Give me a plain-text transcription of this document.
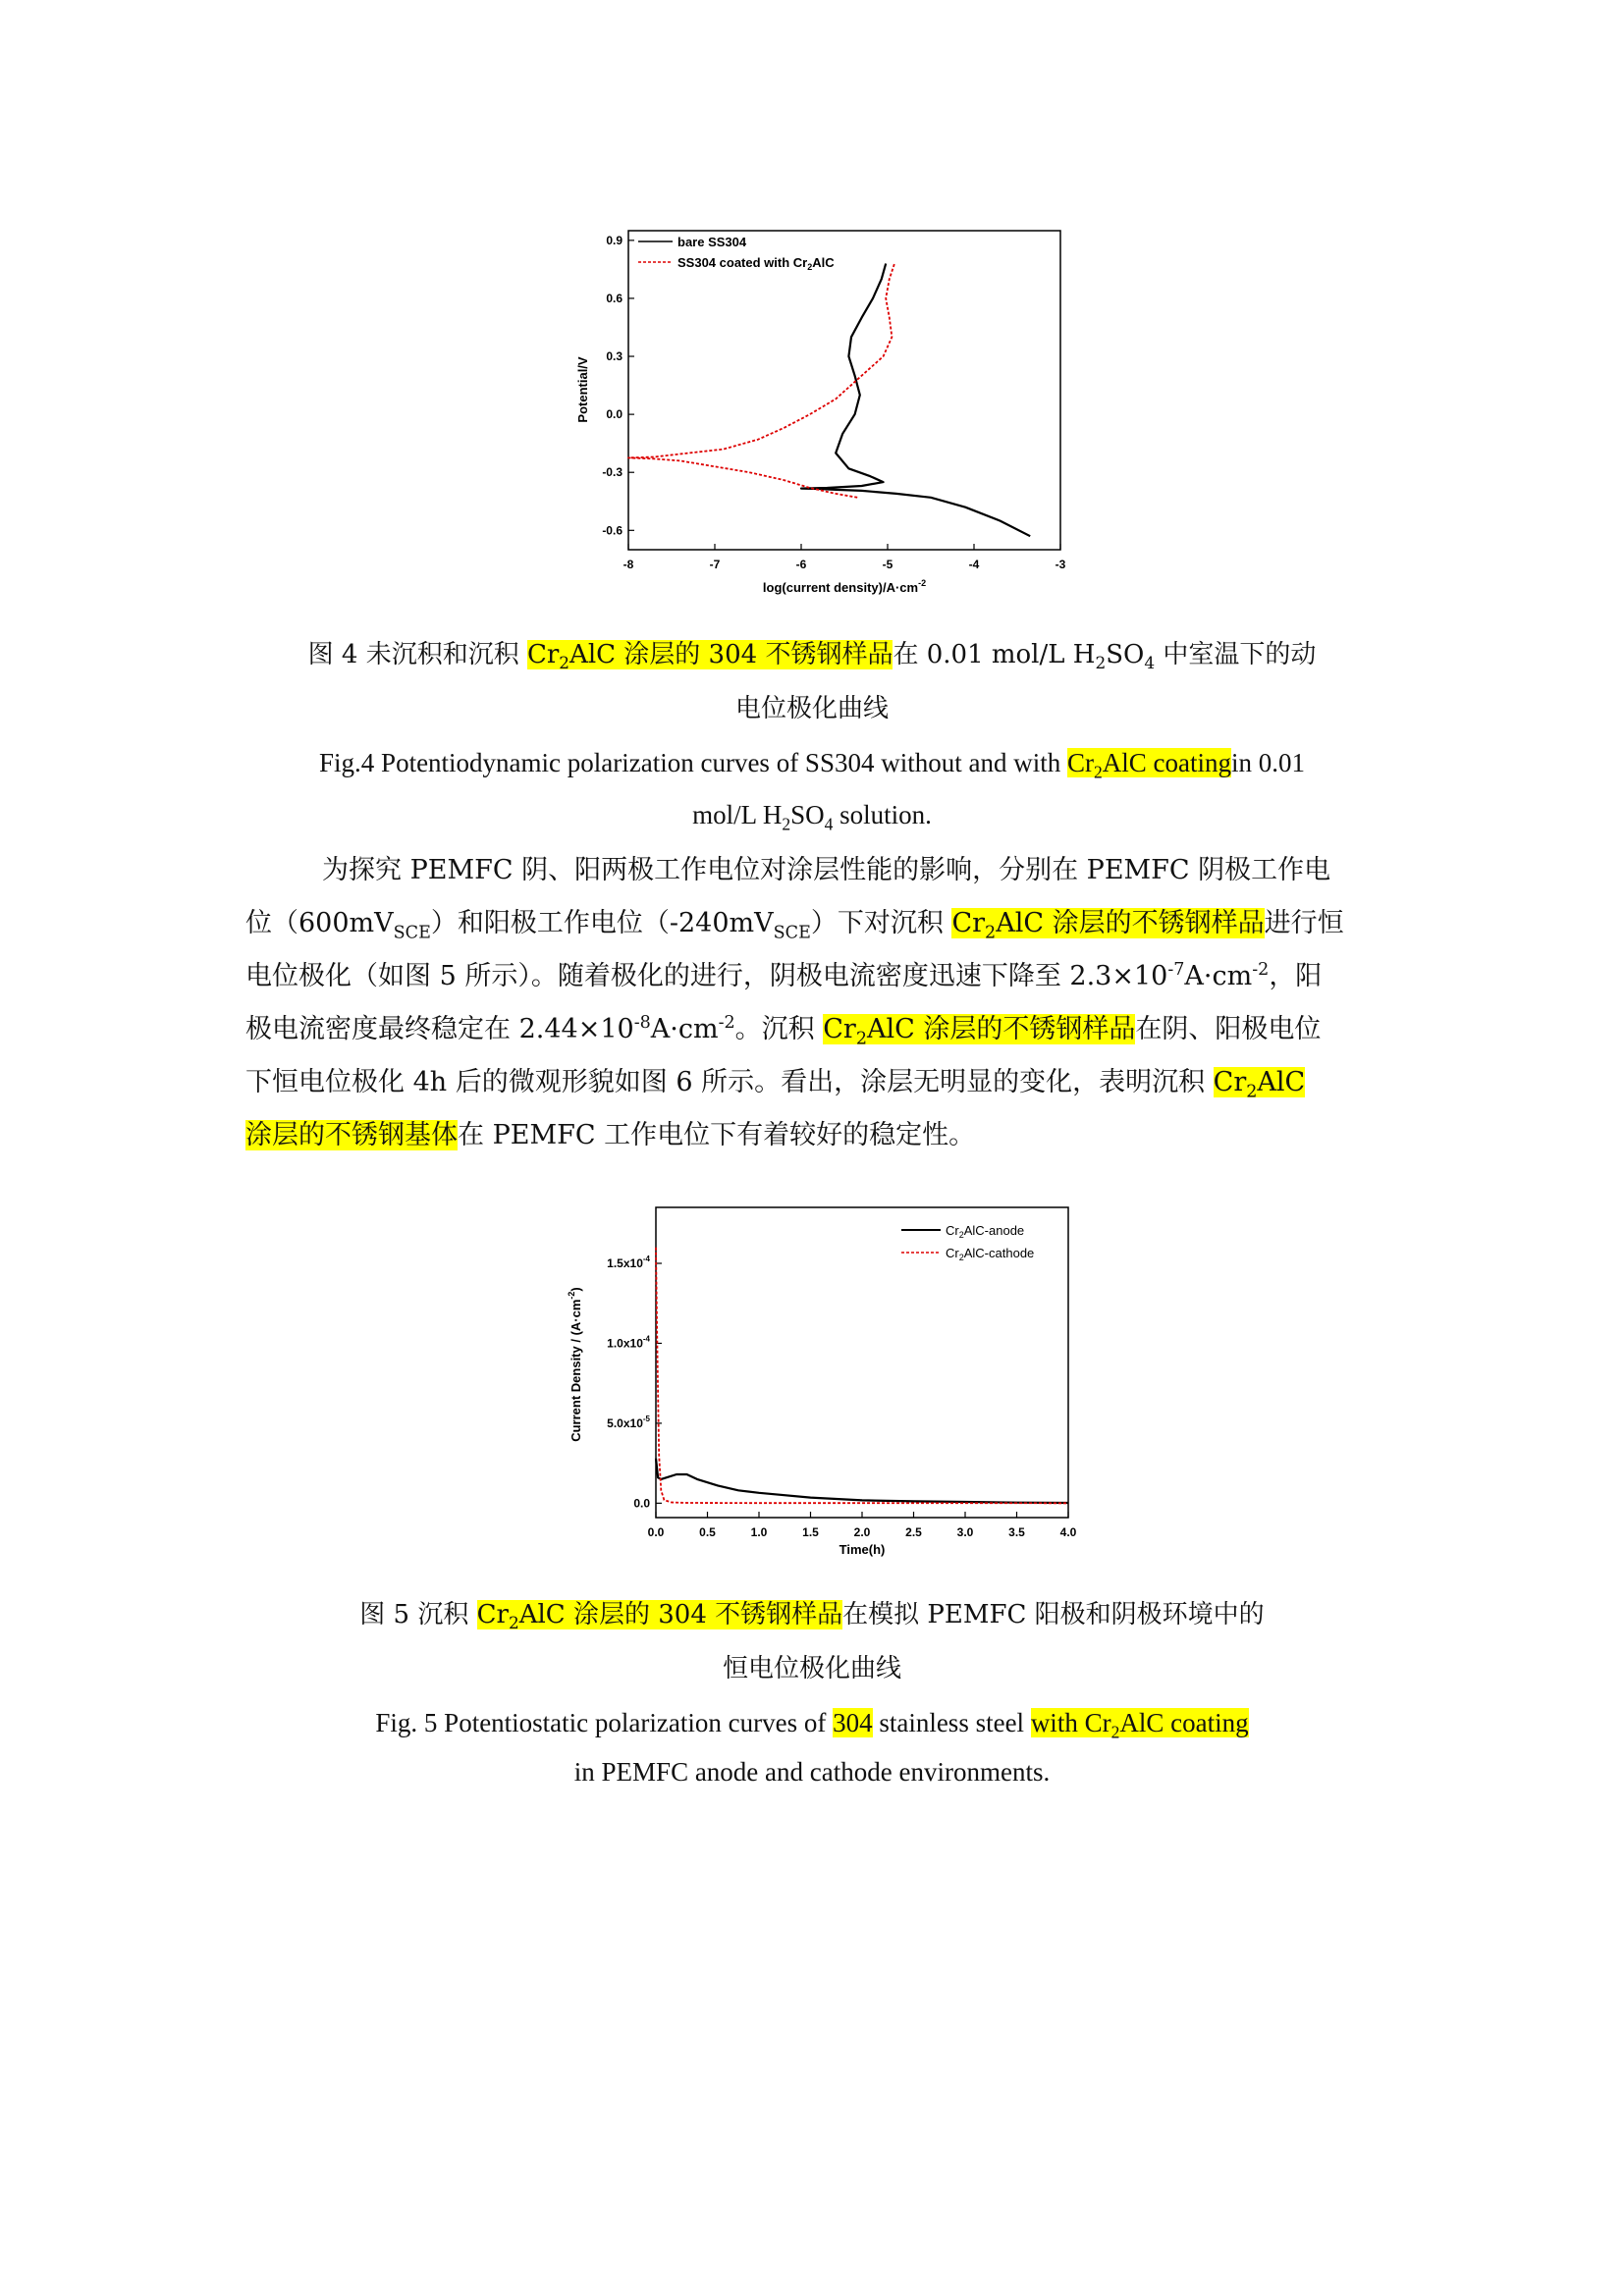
-8	-7	-6	-5	-4	-3
0.9
0.6
0.3
0.0
-0.3
-0.6
bare SS304
SS304 coated with $Cr_2AlC$
log(current $density)/A\cdot cm^{-2}$
Potential/V
图 4 未沉积和沉积 $Cr_2AlC$ 涂层的 304 不锈钢样品在 0.01 mol/L $H_2SO_4$ 中室温下的动
电位极化曲线
Fig.4 Potentiodynamic polarization curves of SS304 without and with $Cr_2AlC$ coatingin 0.01
mol/L $H_2SO_4$ solution.
为探究 PEMFC 阴、阳两极工作电位对涂层性能的影响，分别在 PEMFC 阴极工作电
位$(600mV_{SCE})$和阳极工作电位$(-240mV_{SCE})$下对沉积 $Cr_2AlC$ 涂层的不锈钢样品进行恒
电位极化（如图 5 所示）。随着极化的进行，阴极电流密度迅速下降至 $2.3\times 10^{-7}A\cdot cm^{-2}$，阳
极电流密度最终稳定在 $2.44\times 10^{-8}A\cdot cm^{-2}$。沉积 $Cr_2AlC$ 涂层的不锈钢样品在阴、阳极电位
下恒电位极化 4h 后的微观形貌如图 6 所示。看出，涂层无明显的变化，表明沉积 $Cr_2AlC$
涂层的不锈钢基体在 PEMFC 工作电位下有着较好的稳定性。
0.0	0.5	1.0	1.5	2.0	2.5	3.0	3.5	4.0
0.0
$5.0x10^{-5}$
$1.0x10^{-4}$
$1.5x10^{-4}$
$Cr_2AlC$-anode
$Cr_2AlC$-cathode
Time(h)
Current Density / $(A\cdot cm^{-2})$
图 5 沉积 $Cr_2AlC$ 涂层的 304 不锈钢样品在模拟 PEMFC 阳极和阴极环境中的
恒电位极化曲线
Fig. 5 Potentiostatic polarization curves of 304 stainless steel with $Cr_2AlC$ coating
in PEMFC anode and cathode environments.
